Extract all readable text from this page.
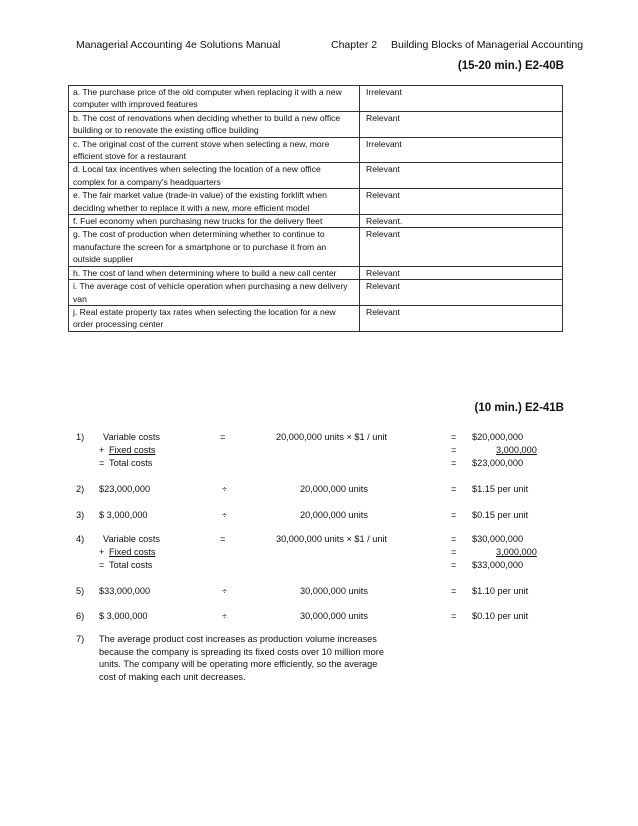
Managerial Accounting 4e Solutions Manual	Chapter 2 Building Blocks of Managerial Accounting
(15-20 min.) E2-40B
a. The purchase price of the old computer when replacing it with a new computer with improved features	Irrelevant
b. The cost of renovations when deciding whether to build a new office building or to renovate the existing office building	Relevant
c. The original cost of the current stove when selecting a new, more efficient stove for a restaurant	Irrelevant
d. Local tax incentives when selecting the location of a new office complex for a company's headquarters	Relevant
e. The fair market value (trade-in value) of the existing forklift when deciding whether to replace it with a new, more efficient model	Relevant
f. Fuel economy when purchasing new trucks for the delivery fleet	Relevant.
g. The cost of production when determining whether to continue to manufacture the screen for a smartphone or to purchase it from an outside supplier	Relevant
h. The cost of land when determining where to build a new call center	Relevant
i. The average cost of vehicle operation when purchasing a new delivery van	Relevant
j. Real estate property tax rates when selecting the location for a new order processing center	Relevant
(10 min.) E2-41B
1) Variable costs	=	20,000,000 units × $1 / unit	= $20,000,000
+ Fixed costs	=	3,000,000
= Total costs	= $23,000,000
2) $23,000,000	÷	20,000,000 units	= $1.15 per unit
3) $ 3,000,000	÷	20,000,000 units	= $0.15 per unit
4) Variable costs	=	30,000,000 units × $1 / unit	= $30,000,000
+ Fixed costs	=	3,000,000
= Total costs	= $33,000,000
5) $33,000,000	÷	30,000,000 units	= $1.10 per unit
6) $ 3,000,000	÷	30,000,000 units	= $0.10 per unit
7) The average product cost increases as production volume increases because the company is spreading its fixed costs over 10 million more units. The company will be operating more efficiently, so the average cost of making each unit decreases.
